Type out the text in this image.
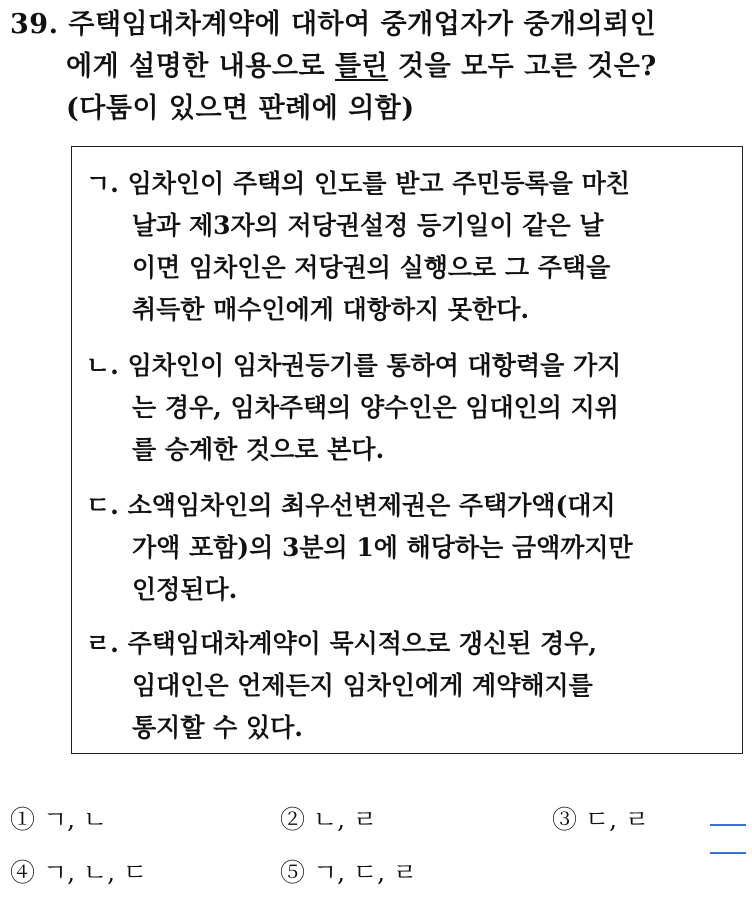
39. 주택임대차계약에 대하여 중개업자가 중개의뢰인
에게 설명한 내용으로 틀린 것을 모두 고른 것은?
(다툼이 있으면 판례에 의함)
ㄱ. 임차인이 주택의 인도를 받고 주민등록을 마친
날과 제3자의 저당권설정 등기일이 같은 날
이면 임차인은 저당권의 실행으로 그 주택을
취득한 매수인에게 대항하지 못한다.
ㄴ. 임차인이 임차권등기를 통하여 대항력을 가지
는 경우, 임차주택의 양수인은 임대인의 지위
를 승계한 것으로 본다.
ㄷ. 소액임차인의 최우선변제권은 주택가액(대지
가액 포함)의 3분의 1에 해당하는 금액까지만
인정된다.
ㄹ. 주택임대차계약이 묵시적으로 갱신된 경우,
임대인은 언제든지 임차인에게 계약해지를
통지할 수 있다.
① ㄱ, ㄴ	② ㄴ, ㄹ	③ ㄷ, ㄹ
④ ㄱ, ㄴ, ㄷ	⑤ ㄱ, ㄷ, ㄹ
